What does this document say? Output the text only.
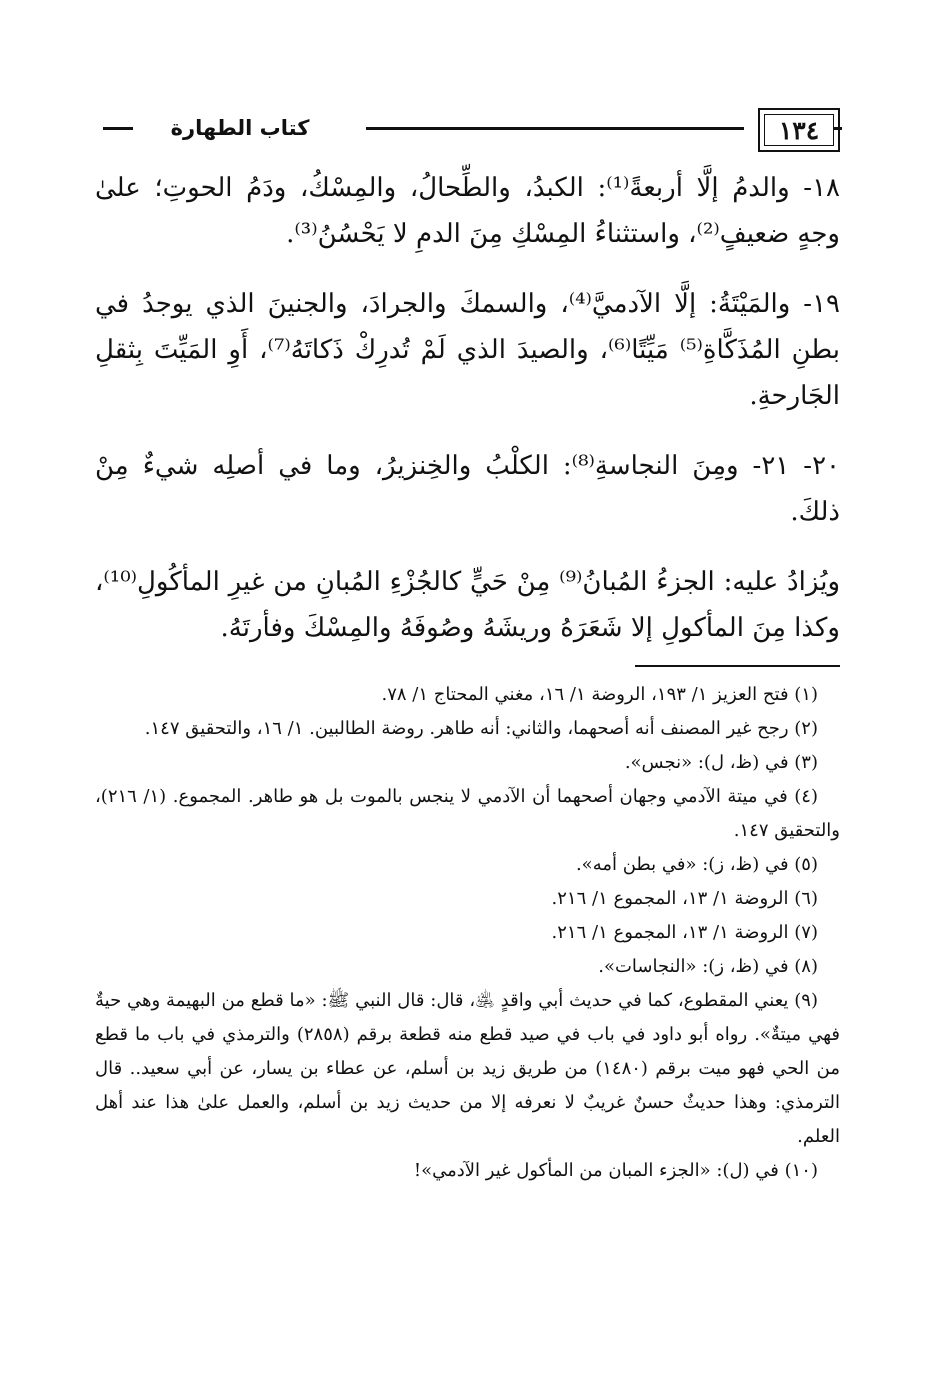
١٣٤
كتاب الطهارة

١٨- والدمُ إلَّا أربعةً⁽¹⁾: الكبدُ، والطِّحالُ، والمِسْكُ، ودَمُ الحوتِ؛ علىٰ وجهٍ ضعيفٍ⁽²⁾، واستثناءُ المِسْكِ مِنَ الدمِ لا يَحْسُنُ⁽³⁾.

١٩- والمَيْتَةُ: إلَّا الآدميَّ⁽⁴⁾، والسمكَ والجرادَ، والجنينَ الذي يوجدُ في بطنِ المُذَكَّاةِ⁽⁵⁾ مَيِّتًا⁽⁶⁾، والصيدَ الذي لَمْ تُدرِكْ ذَكاتَهُ⁽⁷⁾، أَوِ المَيِّتَ بِثقلِ الجَارحةِ.

٢٠- ٢١- ومِنَ النجاسةِ⁽⁸⁾: الكلْبُ والخِنزيرُ، وما في أصلِه شيءٌ مِنْ ذلكَ.

ويُزادُ عليه: الجزءُ المُبانُ⁽⁹⁾ مِنْ حَيٍّ كالجُزْءِ المُبانِ من غيرِ المأكُولِ⁽¹⁰⁾، وكذا مِنَ المأكولِ إلا شَعَرَهُ وريشَهُ وصُوفَهُ والمِسْكَ وفأرتَهُ.

(١) فتح العزيز ١/ ١٩٣، الروضة ١/ ١٦، مغني المحتاج ١/ ٧٨.

(٢) رجح غير المصنف أنه أصحهما، والثاني: أنه طاهر. روضة الطالبين. ١/ ١٦، والتحقيق ١٤٧.

(٣) في (ظ، ل): «نجس».

(٤) في ميتة الآدمي وجهان أصحهما أن الآدمي لا ينجس بالموت بل هو طاهر. المجموع. (١/ ٢١٦)، والتحقيق ١٤٧.

(٥) في (ظ، ز): «في بطن أمه».

(٦) الروضة ١/ ١٣، المجموع ١/ ٢١٦.

(٧) الروضة ١/ ١٣، المجموع ١/ ٢١٦.

(٨) في (ظ، ز): «النجاسات».

(٩) يعني المقطوع، كما في حديث أبي واقدٍ ﵁، قال: قال النبي ﷺ: «ما قطع من البهيمة وهي حيةٌ فهي ميتةٌ». رواه أبو داود في باب في صيد قطع منه قطعة برقم (٢٨٥٨) والترمذي في باب ما قطع من الحي فهو ميت برقم (١٤٨٠) من طريق زيد بن أسلم، عن عطاء بن يسار، عن أبي سعيد.. قال الترمذي: وهذا حديثٌ حسنٌ غريبٌ لا نعرفه إلا من حديث زيد بن أسلم، والعمل علىٰ هذا عند أهل العلم.

(١٠) في (ل): «الجزء المبان من المأكول غير الآدمي»!
